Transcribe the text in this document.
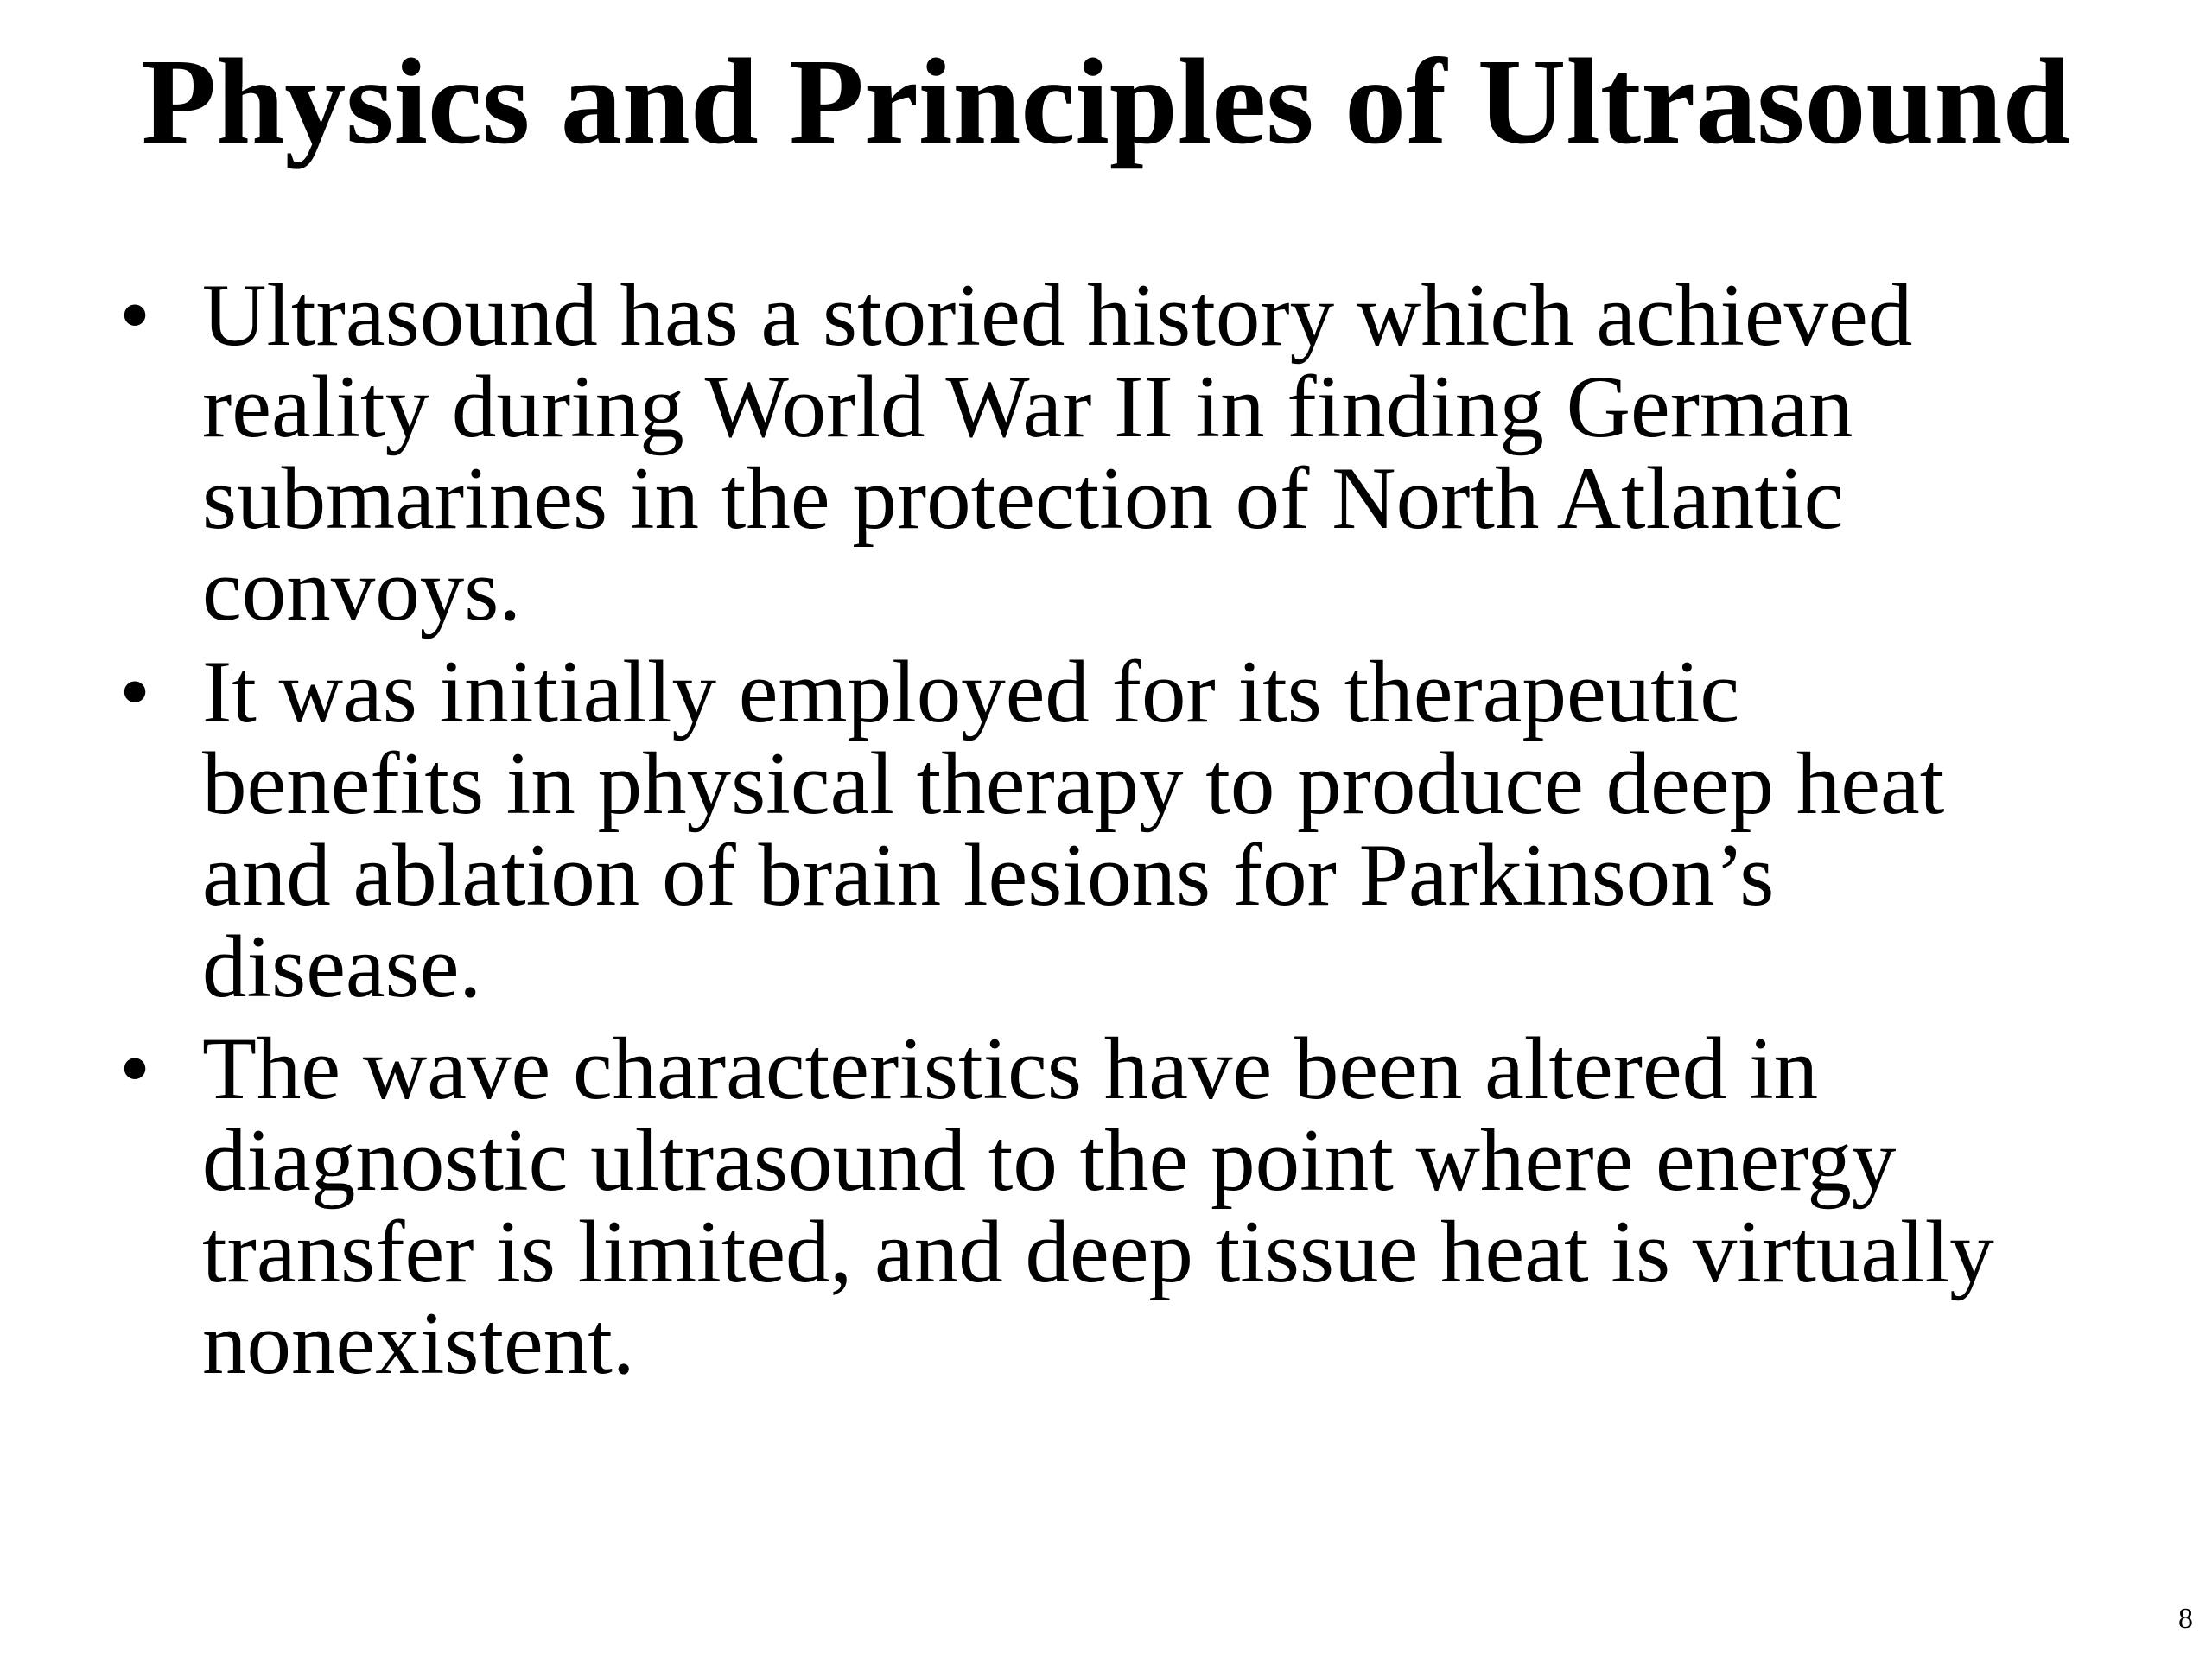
Physics and Principles of Ultrasound
• Ultrasound has a storied history which achieved
reality during World War II in finding German
submarines in the protection of North Atlantic
convoys.
• It was initially employed for its therapeutic
benefits in physical therapy to produce deep heat
and ablation of brain lesions for Parkinson’s
disease.
• The wave characteristics have been altered in
diagnostic ultrasound to the point where energy
transfer is limited, and deep tissue heat is virtually
nonexistent.
8
